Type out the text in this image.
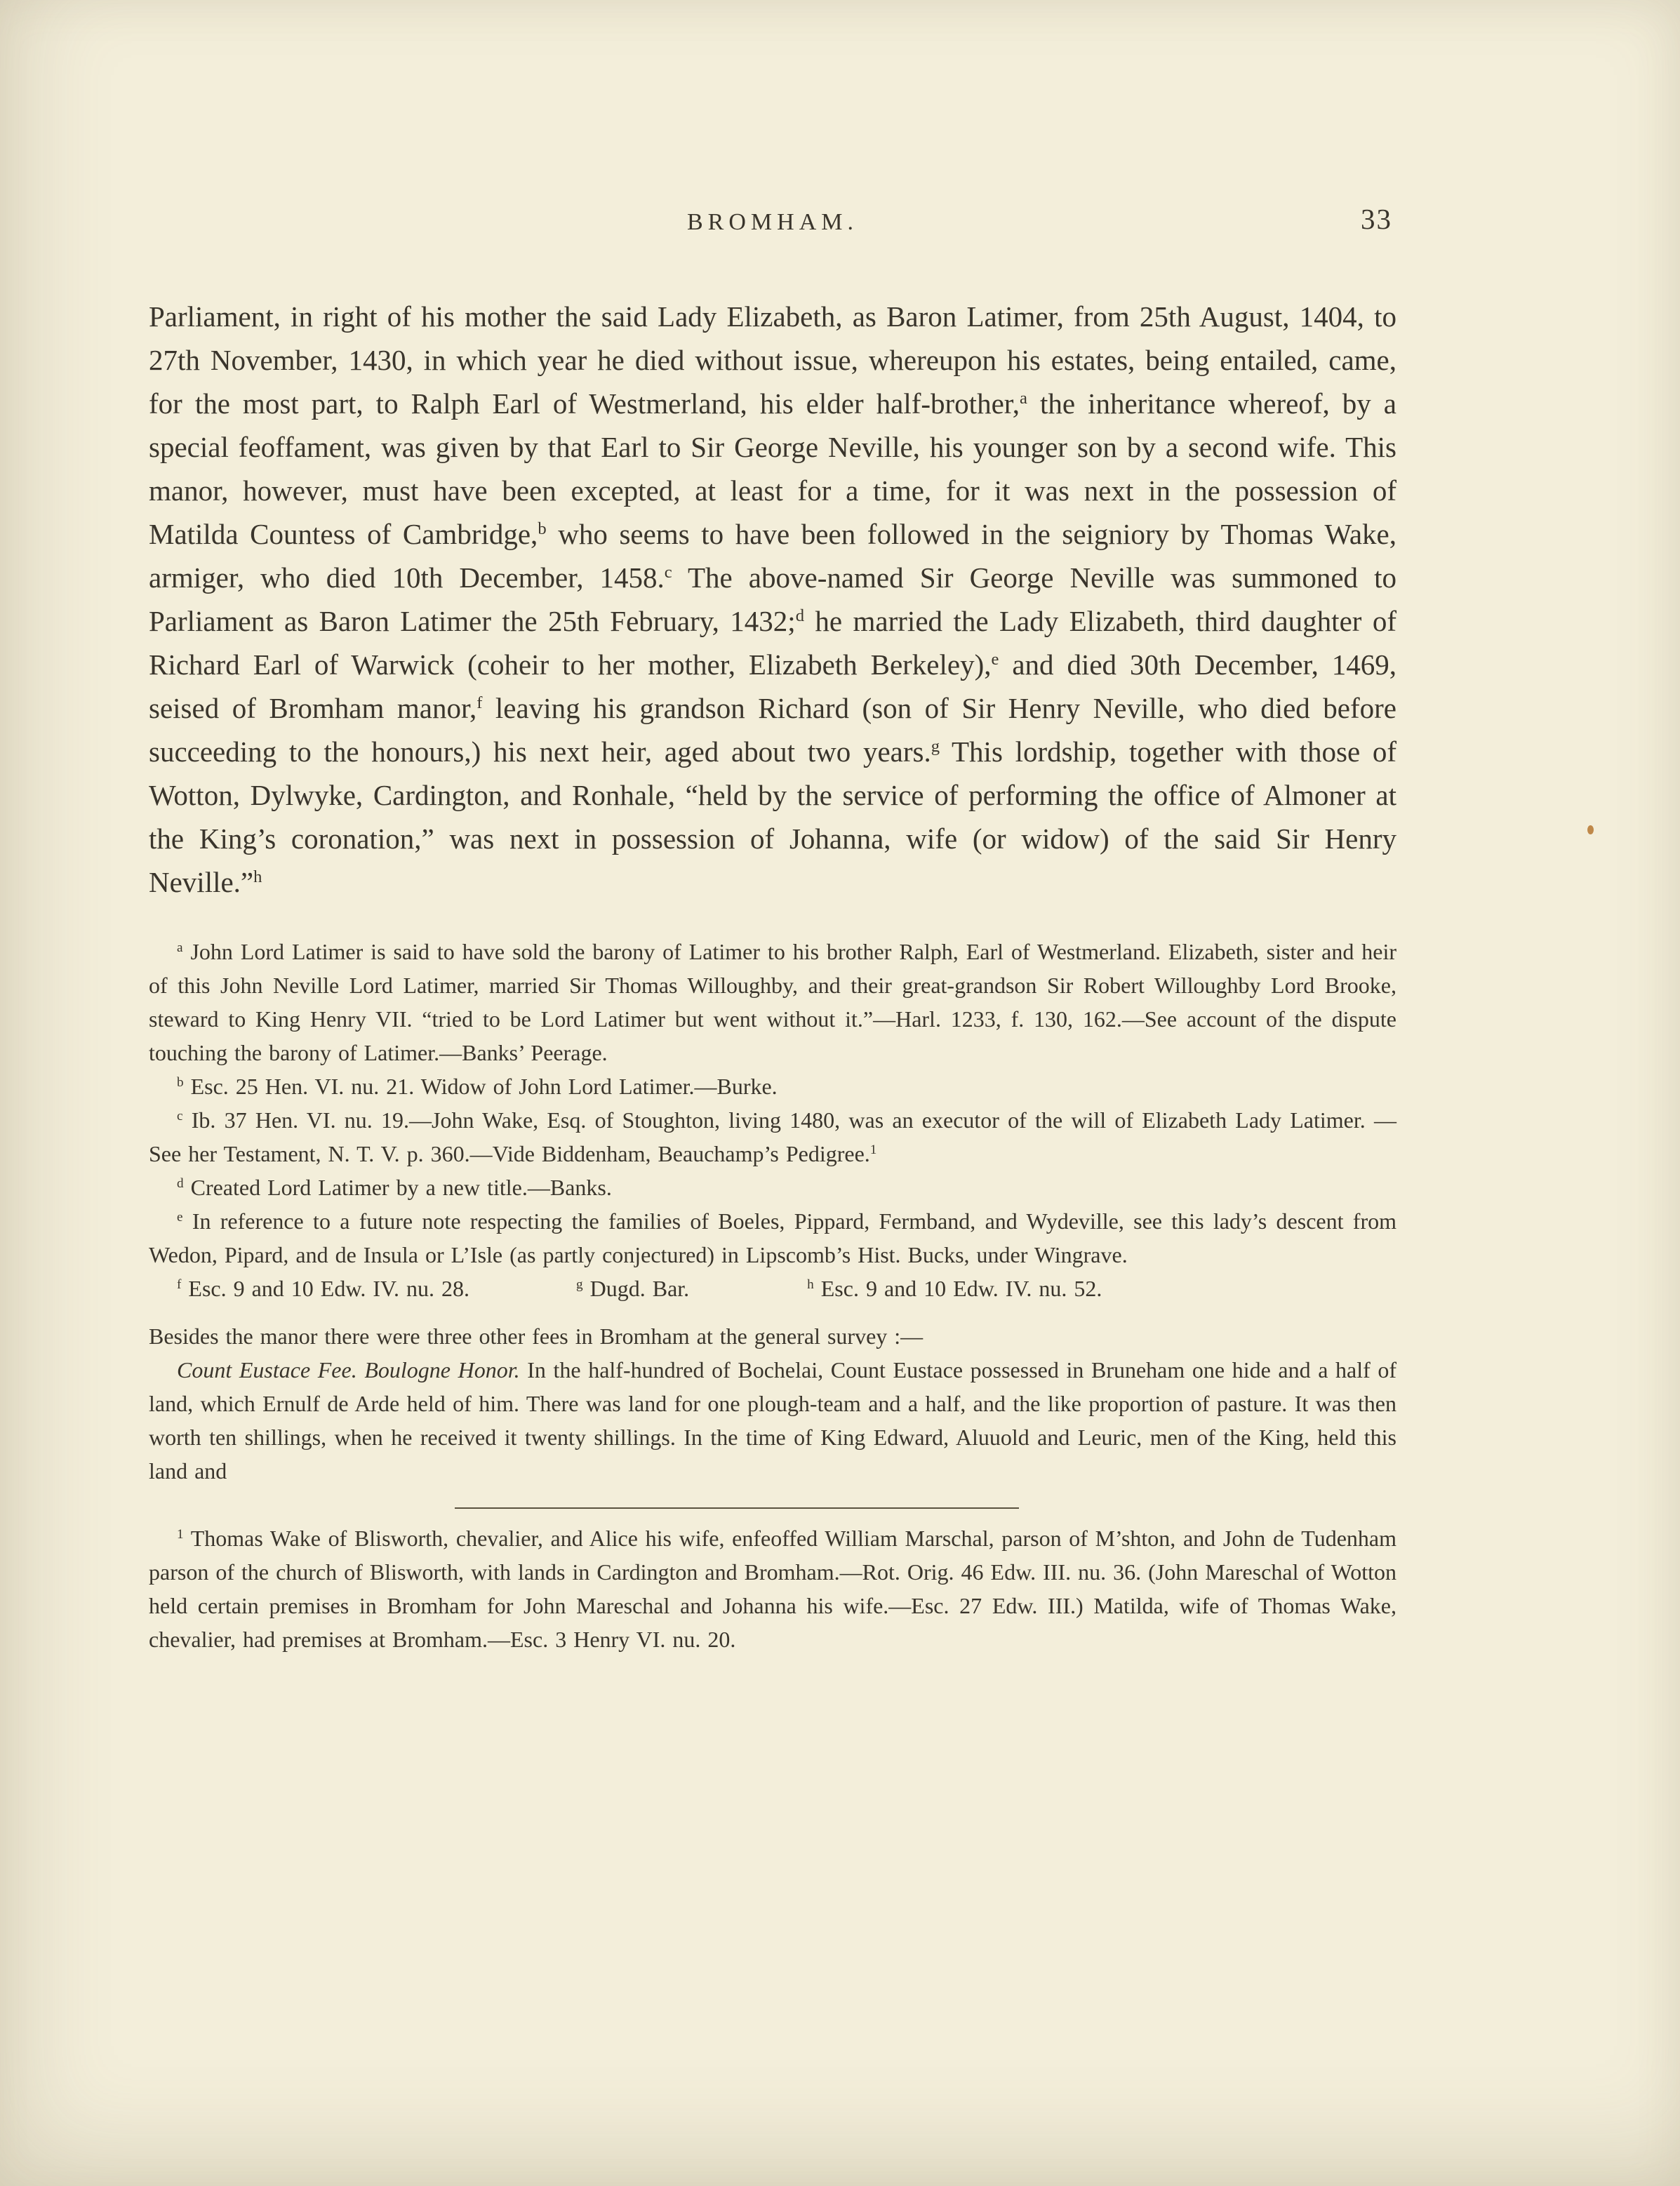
BROMHAM.	33

Parliament, in right of his mother the said Lady Elizabeth, as Baron Latimer, from 25th August, 1404, to 27th November, 1430, in which year he died without issue, whereupon his estates, being entailed, came, for the most part, to Ralph Earl of Westmerland, his elder half-brother,$^a$ the inheritance whereof, by a special feoffament, was given by that Earl to Sir George Neville, his younger son by a second wife. This manor, however, must have been excepted, at least for a time, for it was next in the possession of Matilda Countess of Cambridge,$^b$ who seems to have been followed in the seigniory by Thomas Wake, armiger, who died 10th December, 1458.$^c$ The above-named Sir George Neville was summoned to Parliament as Baron Latimer the 25th February, 1432;$^d$ he married the Lady Elizabeth, third daughter of Richard Earl of Warwick (coheir to her mother, Elizabeth Berkeley),$^e$ and died 30th December, 1469, seised of Bromham manor,$^f$ leaving his grandson Richard (son of Sir Henry Neville, who died before succeeding to the honours,) his next heir, aged about two years.$^g$ This lordship, together with those of Wotton, Dylwyke, Cardington, and Ronhale, “held by the service of performing the office of Almoner at the King’s coronation,” was next in possession of Johanna, wife (or widow) of the said Sir Henry Neville.”$^h$

$^a$ John Lord Latimer is said to have sold the barony of Latimer to his brother Ralph, Earl of Westmerland. Elizabeth, sister and heir of this John Neville Lord Latimer, married Sir Thomas Willoughby, and their great-grandson Sir Robert Willoughby Lord Brooke, steward to King Henry VII. “tried to be Lord Latimer but went without it.”—Harl. 1233, f. 130, 162.—See account of the dispute touching the barony of Latimer.—Banks’ Peerage.

$^b$ Esc. 25 Hen. VI. nu. 21. Widow of John Lord Latimer.—Burke.

$^c$ Ib. 37 Hen. VI. nu. 19.—John Wake, Esq. of Stoughton, living 1480, was an executor of the will of Elizabeth Lady Latimer. — See her Testament, N. T. V. p. 360.—Vide Biddenham, Beauchamp’s Pedigree.$^1$

$^d$ Created Lord Latimer by a new title.—Banks.

$^e$ In reference to a future note respecting the families of Boeles, Pippard, Fermband, and Wydeville, see this lady’s descent from Wedon, Pipard, and de Insula or L’Isle (as partly conjectured) in Lipscomb’s Hist. Bucks, under Wingrave.

$^f$ Esc. 9 and 10 Edw. IV. nu. 28.	$^g$ Dugd. Bar.	$^h$ Esc. 9 and 10 Edw. IV. nu. 52.

Besides the manor there were three other fees in Bromham at the general survey :—

Count Eustace Fee. Boulogne Honor. In the half-hundred of Bochelai, Count Eustace possessed in Bruneham one hide and a half of land, which Ernulf de Arde held of him. There was land for one plough-team and a half, and the like proportion of pasture. It was then worth ten shillings, when he received it twenty shillings. In the time of King Edward, Aluuold and Leuric, men of the King, held this land and

$^1$ Thomas Wake of Blisworth, chevalier, and Alice his wife, enfeoffed William Marschal, parson of M’shton, and John de Tudenham parson of the church of Blisworth, with lands in Cardington and Bromham.—Rot. Orig. 46 Edw. III. nu. 36. (John Mareschal of Wotton held certain premises in Bromham for John Mareschal and Johanna his wife.—Esc. 27 Edw. III.) Matilda, wife of Thomas Wake, chevalier, had premises at Bromham.—Esc. 3 Henry VI. nu. 20.
